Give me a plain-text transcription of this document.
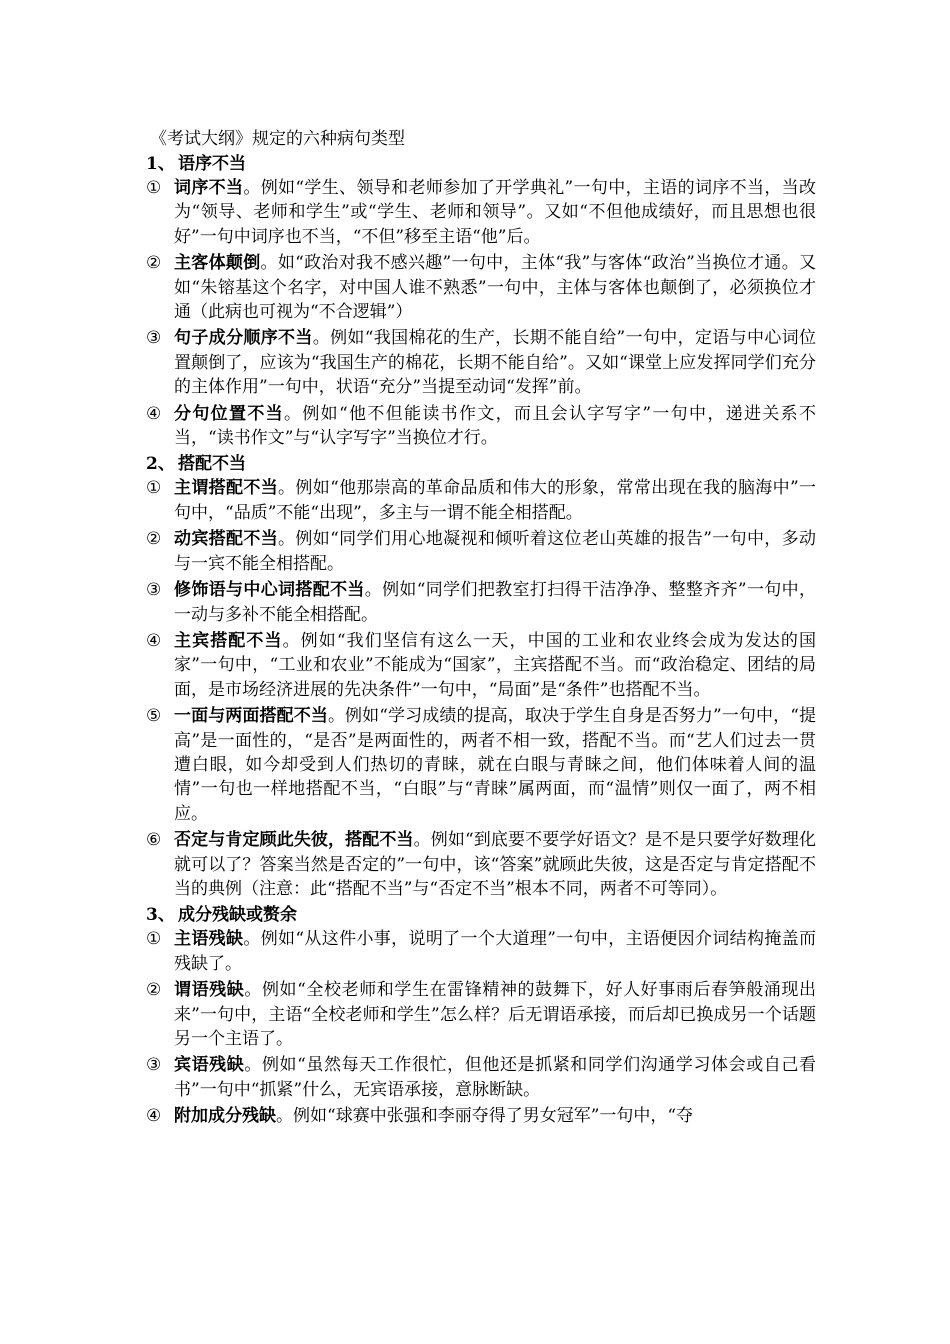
《考试大纲》规定的六种病句类型
1、 语序不当
① 词序不当。例如“学生、领导和老师参加了开学典礼”一句中，主语的词序不当，当改为“领导、老师和学生”或“学生、老师和领导”。又如“不但他成绩好，而且思想也很好”一句中词序也不当，“不但”移至主语“他”后。
② 主客体颠倒。如“政治对我不感兴趣”一句中，主体“我”与客体“政治”当换位才通。又如“朱镕基这个名字，对中国人谁不熟悉”一句中，主体与客体也颠倒了，必须换位才通（此病也可视为“不合逻辑”）
③ 句子成分顺序不当。例如“我国棉花的生产，长期不能自给”一句中，定语与中心词位置颠倒了，应该为“我国生产的棉花，长期不能自给”。又如“课堂上应发挥同学们充分的主体作用”一句中，状语“充分”当提至动词“发挥”前。
④ 分句位置不当。例如“他不但能读书作文，而且会认字写字”一句中，递进关系不当，“读书作文”与“认字写字”当换位才行。
2、 搭配不当
① 主谓搭配不当。例如“他那崇高的革命品质和伟大的形象，常常出现在我的脑海中”一句中，“品质”不能“出现”，多主与一谓不能全相搭配。
② 动宾搭配不当。例如“同学们用心地凝视和倾听着这位老山英雄的报告”一句中，多动与一宾不能全相搭配。
③ 修饰语与中心词搭配不当。例如“同学们把教室打扫得干洁净净、整整齐齐”一句中，一动与多补不能全相搭配。
④ 主宾搭配不当。例如“我们坚信有这么一天，中国的工业和农业终会成为发达的国家”一句中，“工业和农业”不能成为“国家”，主宾搭配不当。而“政治稳定、团结的局面，是市场经济进展的先决条件”一句中，“局面”是“条件”也搭配不当。
⑤ 一面与两面搭配不当。例如“学习成绩的提高，取决于学生自身是否努力”一句中，“提高”是一面性的，“是否”是两面性的，两者不相一致，搭配不当。而“艺人们过去一贯遭白眼，如今却受到人们热切的青睐，就在白眼与青睐之间，他们体味着人间的温情”一句也一样地搭配不当，“白眼”与“青睐”属两面，而“温情”则仅一面了，两不相应。
⑥ 否定与肯定顾此失彼，搭配不当。例如“到底要不要学好语文？是不是只要学好数理化就可以了？答案当然是否定的”一句中，该“答案”就顾此失彼，这是否定与肯定搭配不当的典例（注意：此“搭配不当”与“否定不当”根本不同，两者不可等同）。
3、 成分残缺或赘余
① 主语残缺。例如“从这件小事，说明了一个大道理”一句中，主语便因介词结构掩盖而残缺了。
② 谓语残缺。例如“全校老师和学生在雷锋精神的鼓舞下，好人好事雨后春笋般涌现出来”一句中，主语“全校老师和学生”怎么样？后无谓语承接，而后却已换成另一个话题另一个主语了。
③ 宾语残缺。例如“虽然每天工作很忙，但他还是抓紧和同学们沟通学习体会或自己看书”一句中“抓紧”什么，无宾语承接，意脉断缺。
④ 附加成分残缺。例如“球赛中张强和李丽夺得了男女冠军”一句中，“夺
